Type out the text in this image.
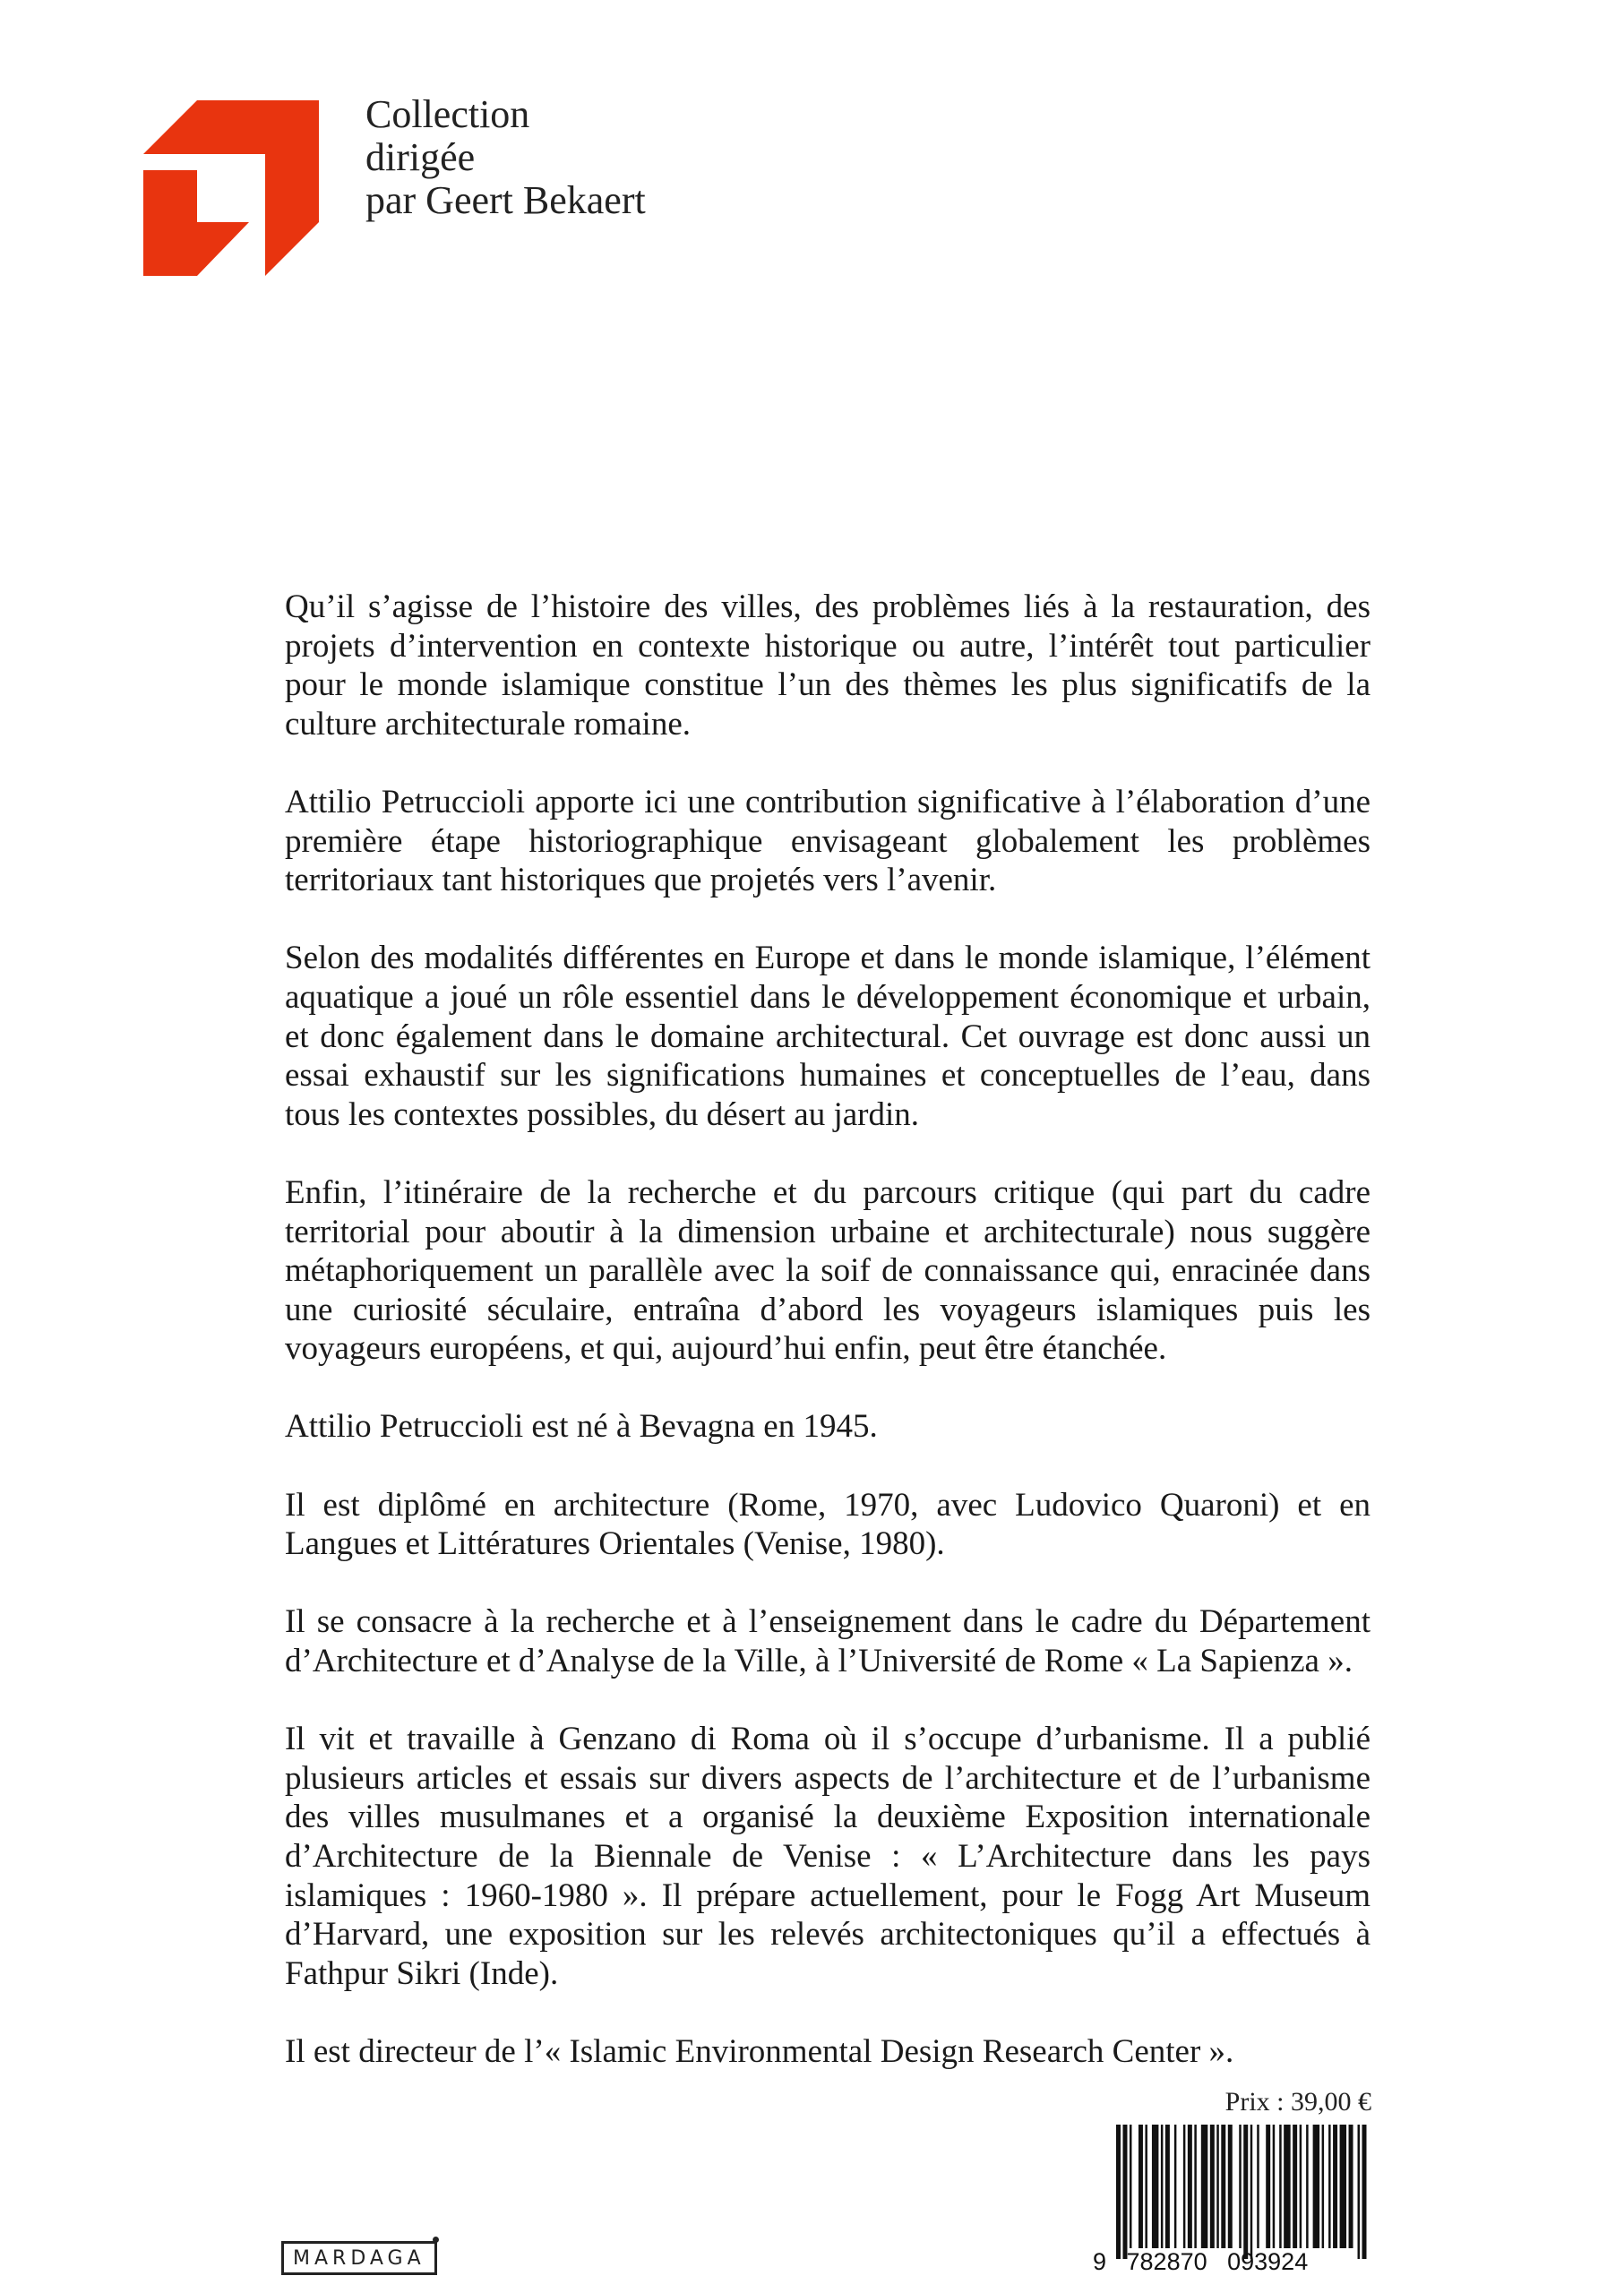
Collection
dirigée
par Geert Bekaert

Qu’il s’agisse de l’histoire des villes, des problèmes liés à la restauration, des projets d’intervention en contexte historique ou autre, l’intérêt tout particulier pour le monde islamique constitue l’un des thèmes les plus significatifs de la culture architecturale romaine.

Attilio Petruccioli apporte ici une contribution significative à l’élaboration d’une première étape historiographique envisageant globalement les problèmes territoriaux tant historiques que projetés vers l’avenir.

Selon des modalités différentes en Europe et dans le monde islamique, l’élément aquatique a joué un rôle essentiel dans le développement économique et urbain, et donc également dans le domaine architectural. Cet ouvrage est donc aussi un essai exhaustif sur les significations humaines et conceptuelles de l’eau, dans tous les contextes possibles, du désert au jardin.

Enfin, l’itinéraire de la recherche et du parcours critique (qui part du cadre territorial pour aboutir à la dimension urbaine et architecturale) nous suggère métaphoriquement un parallèle avec la soif de connaissance qui, enracinée dans une curiosité séculaire, entraîna d’abord les voyageurs islamiques puis les voyageurs européens, et qui, aujourd’hui enfin, peut être étanchée.

Attilio Petruccioli est né à Bevagna en 1945.

Il est diplômé en architecture (Rome, 1970, avec Ludovico Quaroni) et en Langues et Littératures Orientales (Venise, 1980).

Il se consacre à la recherche et à l’enseignement dans le cadre du Département d’Architecture et d’Analyse de la Ville, à l’Université de Rome « La Sapienza ».

Il vit et travaille à Genzano di Roma où il s’occupe d’urbanisme. Il a publié plusieurs articles et essais sur divers aspects de l’architecture et de l’urbanisme des villes musulmanes et a organisé la deuxième Exposition internationale d’Architecture de la Biennale de Venise : « L’Architecture dans les pays islamiques : 1960-1980 ». Il prépare actuellement, pour le Fogg Art Museum d’Harvard, une exposition sur les relevés architectoniques qu’il a effectués à Fathpur Sikri (Inde).

Il est directeur de l’« Islamic Environmental Design Research Center ».

Prix : 39,00 €
9   782870   093924
MARDAGA
